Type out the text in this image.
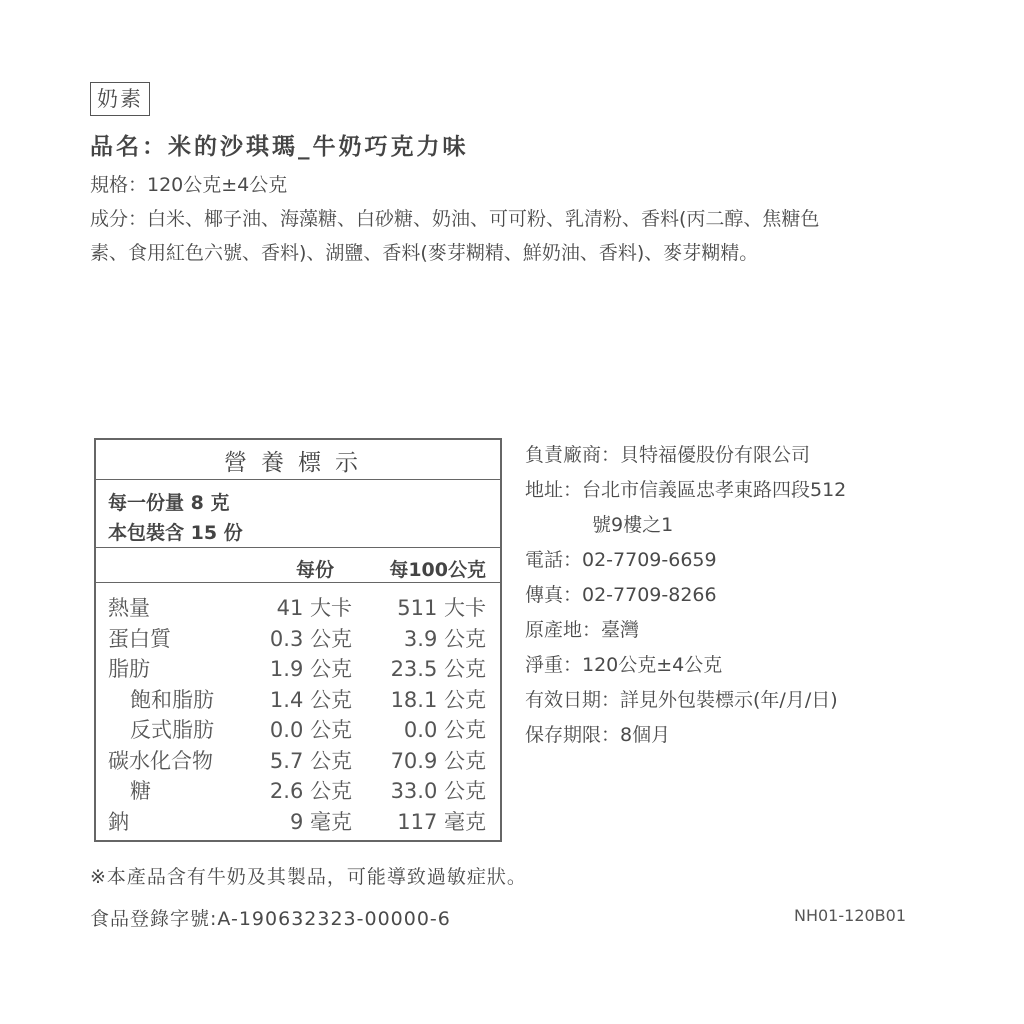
奶素
品名：米的沙琪瑪_牛奶巧克力味
規格：120公克±4公克
成分：白米、椰子油、海藻糖、白砂糖、奶油、可可粉、乳清粉、香料(丙二醇、焦糖色
素、食用紅色六號、香料)、湖鹽、香料(麥芽糊精、鮮奶油、香料)、麥芽糊精。
營養標示
每一份量 8 克
本包裝含 15 份
每份	每100公克
熱量	41 大卡 511 大卡
蛋白質	0.3 公克 3.9 公克
脂肪	1.9 公克 23.5 公克
飽和脂肪	1.4 公克 18.1 公克
反式脂肪	0.0 公克 0.0 公克
碳水化合物	5.7 公克 70.9 公克
糖	2.6 公克 33.0 公克
鈉	9 毫克 117 毫克
負責廠商：貝特福優股份有限公司
地址：台北市信義區忠孝東路四段512
號9樓之1
電話：02-7709-6659
傳真：02-7709-8266
原產地：臺灣
淨重：120公克±4公克
有效日期：詳見外包裝標示(年/月/日)
保存期限：8個月
※本產品含有牛奶及其製品，可能導致過敏症狀。
食品登錄字號:A-190632323-00000-6	NH01-120B01
